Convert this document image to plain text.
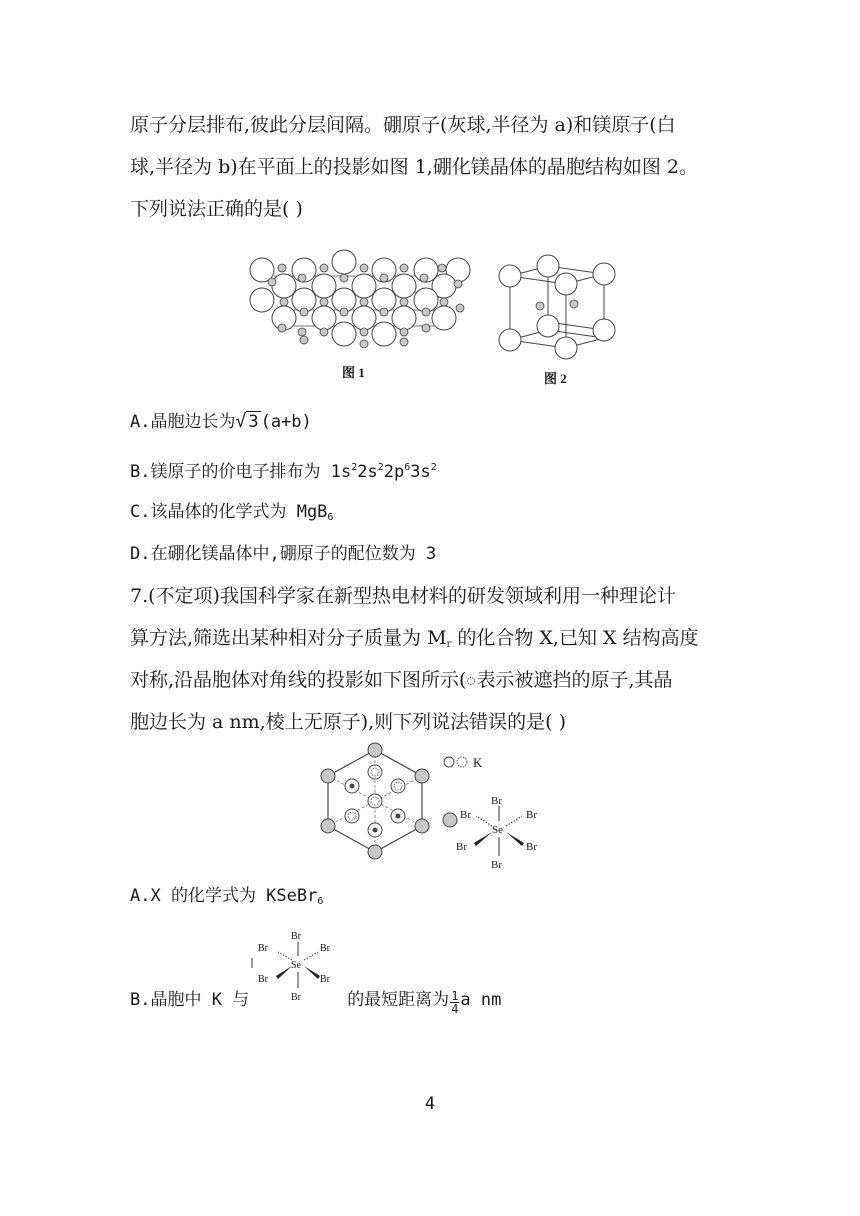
原子分层排布,彼此分层间隔。硼原子(灰球,半径为 a)和镁原子(白
球,半径为 b)在平面上的投影如图 1,硼化镁晶体的晶胞结构如图 2。
下列说法正确的是( )
图 1	图 2
A.晶胞边长为√ 3 (a+b)
B.镁原子的价电子排布为 $1s^22s^22p^63s^2$
C.该晶体的化学式为 MgB$_6$
D.在硼化镁晶体中,硼原子的配位数为 3
7.(不定项)我国科学家在新型热电材料的研发领域利用一种理论计
算方法,筛选出某种相对分子质量为 $M_r$ 的化合物 X,已知 X 结构高度
对称,沿晶胞体对角线的投影如下图所示( 表示被遮挡的原子,其晶
胞边长为 a nm,棱上无原子),则下列说法错误的是( )
K
Br
Br	Br
Se
Br	Br
Br
A.X 的化学式为 KSeBr$_6$
Br
Br	Br
Se
Br	Br
Br
B.晶胞中 K 与	的最短距离为 $\frac{1}{4}$ a nm
4
